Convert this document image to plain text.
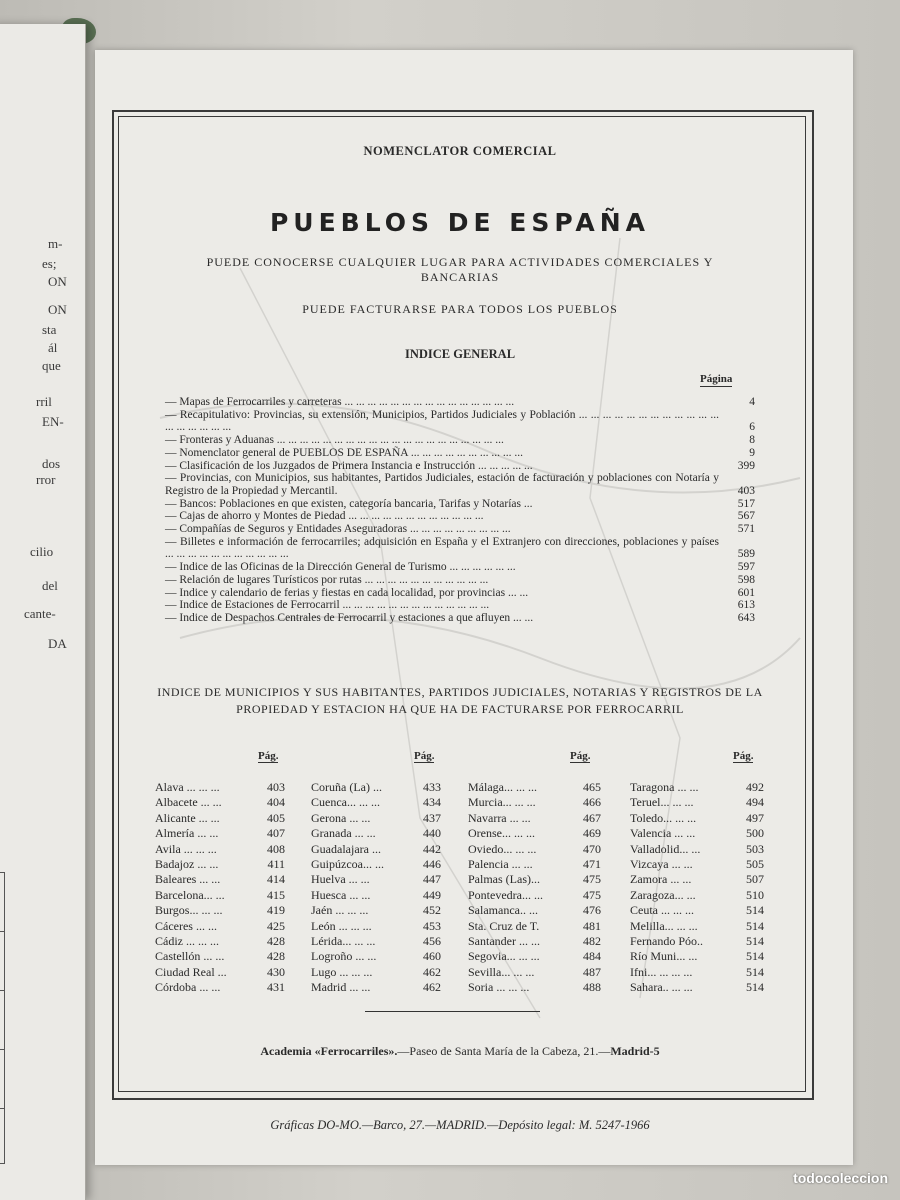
m-
es;
ON
ON
sta
ál
que
rril
EN-
dos
rror
cilio
del
cante-
DA
NOMENCLATOR COMERCIAL
PUEBLOS DE ESPAÑA
PUEDE CONOCERSE CUALQUIER LUGAR PARA ACTIVIDADES COMERCIALES Y BANCARIAS
PUEDE FACTURARSE PARA TODOS LOS PUEBLOS
INDICE GENERAL
Página
— Mapas de Ferrocarriles y carreteras ... ... ... ... ... ... ... ... ... ... ... ... ... ... ...	4
— Recapitulativo: Provincias, su extensión, Municipios, Partidos Judiciales y Población ... ... ... ... ... ... ... ... ... ... ... ... ... ... ... ... ... ...	6
— Fronteras y Aduanas ... ... ... ... ... ... ... ... ... ... ... ... ... ... ... ... ... ... ... ...	8
— Nomenclator general de PUEBLOS DE ESPAÑA ... ... ... ... ... ... ... ... ... ...	9
— Clasificación de los Juzgados de Primera Instancia e Instrucción ... ... ... ... ...	399
— Provincias, con Municipios, sus habitantes, Partidos Judiciales, estación de facturación y poblaciones con Notaría y Registro de la Propiedad y Mercantil.	403
— Bancos: Poblaciones en que existen, categoría bancaria, Tarifas y Notarías ...	517
— Cajas de ahorro y Montes de Piedad ... ... ... ... ... ... ... ... ... ... ... ...	567
— Compañías de Seguros y Entidades Aseguradoras ... ... ... ... ... ... ... ... ...	571
— Billetes e información de ferrocarriles; adquisición en España y el Extranjero con direcciones, poblaciones y países ... ... ... ... ... ... ... ... ... ... ...	589
— Indice de las Oficinas de la Dirección General de Turismo ... ... ... ... ... ...	597
— Relación de lugares Turísticos por rutas ... ... ... ... ... ... ... ... ... ... ...	598
— Indice y calendario de ferias y fiestas en cada localidad, por provincias ... ...	601
— Indice de Estaciones de Ferrocarril ... ... ... ... ... ... ... ... ... ... ... ... ...	613
— Indice de Despachos Centrales de Ferrocarril y estaciones a que afluyen ... ...	643
INDICE DE MUNICIPIOS Y SUS HABITANTES, PARTIDOS JUDICIALES, NOTARIAS Y REGISTROS DE LA PROPIEDAD Y ESTACION HA QUE HA DE FACTURARSE POR FERROCARRIL
Pág.	Pág.	Pág.	Pág.
Alava ... ... ...	403
Albacete ... ...	404
Alicante ... ...	405
Almería ... ...	407
Avila ... ... ...	408
Badajoz ... ...	411
Baleares ... ...	414
Barcelona... ...	415
Burgos... ... ...	419
Cáceres ... ...	425
Cádiz ... ... ...	428
Castellón ... ...	428
Ciudad Real ...	430
Córdoba ... ...	431
Coruña (La) ...	433
Cuenca... ... ...	434
Gerona ... ...	437
Granada ... ...	440
Guadalajara ...	442
Guipúzcoa... ...	446
Huelva ... ...	447
Huesca ... ...	449
Jaén ... ... ...	452
León ... ... ...	453
Lérida... ... ...	456
Logroño ... ...	460
Lugo ... ... ...	462
Madrid ... ...	462
Málaga... ... ...	465
Murcia... ... ...	466
Navarra ... ...	467
Orense... ... ...	469
Oviedo... ... ...	470
Palencia ... ...	471
Palmas (Las)...	475
Pontevedra... ...	475
Salamanca.. ...	476
Sta. Cruz de T.	481
Santander ... ...	482
Segovia... ... ...	484
Sevilla... ... ...	487
Soria ... ... ...	488
Taragona ... ...	492
Teruel... ... ...	494
Toledo... ... ...	497
Valencia ... ...	500
Valladolid... ...	503
Vizcaya ... ...	505
Zamora ... ...	507
Zaragoza... ...	510
Ceuta ... ... ...	514
Melilla... ... ...	514
Fernando Póo..	514
Río Muni... ...	514
Ifni... ... ... ...	514
Sahara.. ... ...	514
Academia «Ferrocarriles».—Paseo de Santa María de la Cabeza, 21.—Madrid-5
Gráficas DO-MO.—Barco, 27.—MADRID.—Depósito legal: M. 5247-1966
todocoleccion
